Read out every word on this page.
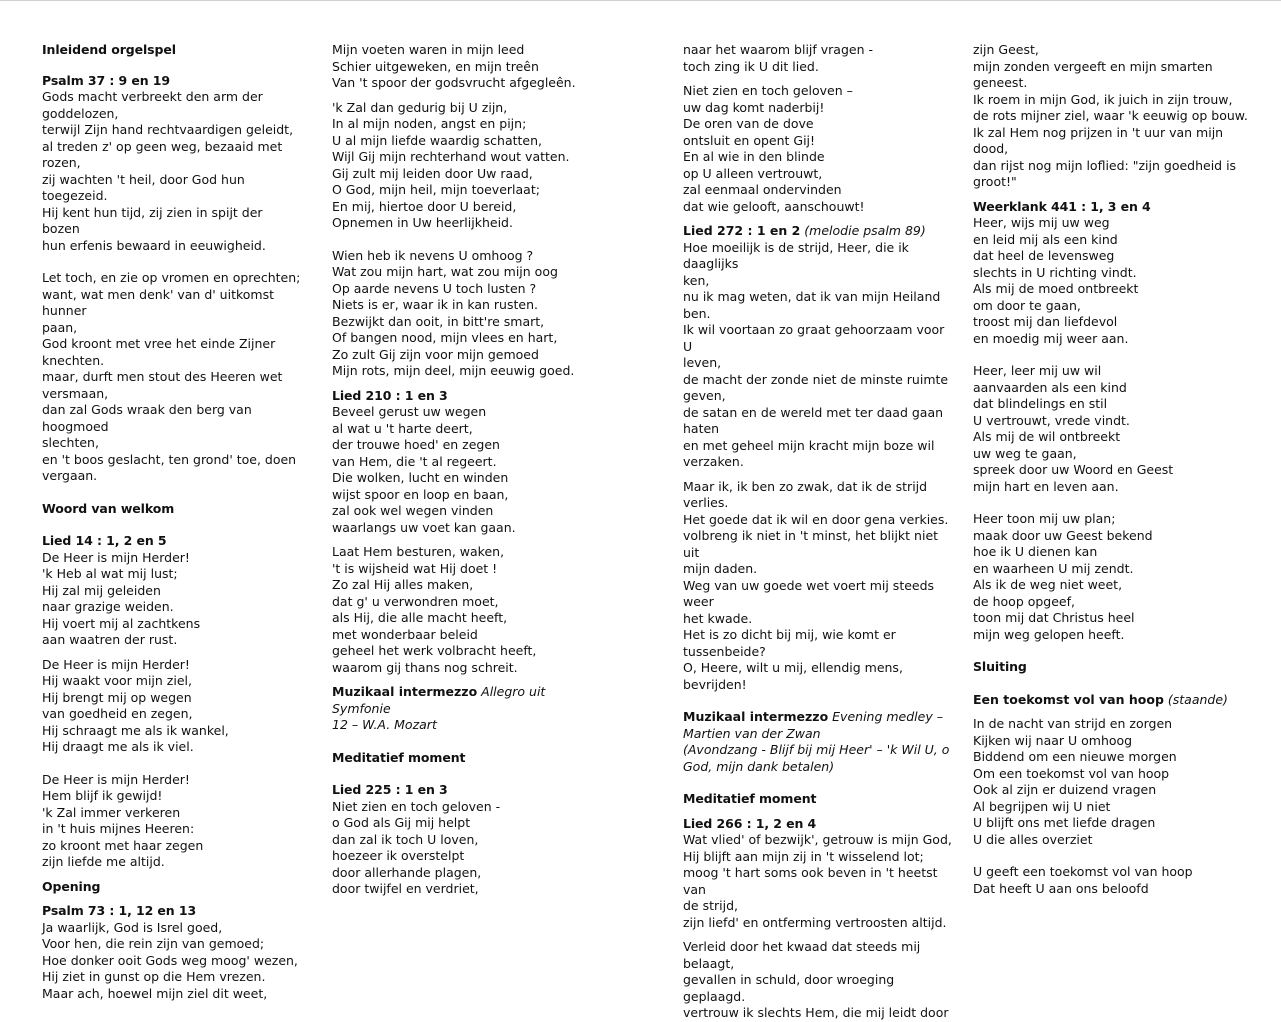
Inleidend orgelspel
Psalm 37 : 9 en 19

Gods macht verbreekt den arm der
goddelozen,
terwijl Zijn hand rechtvaardigen geleidt,
al treden z' op geen weg, bezaaid met rozen,
zij wachten 't heil, door God hun toegezeid.
Hij kent hun tijd, zij zien in spijt der bozen
hun erfenis bewaard in eeuwigheid.

Let toch, en zie op vromen en oprechten;
want, wat men denk' van d' uitkomst hunner
paan,
God kroont met vree het einde Zijner knechten.
maar, durft men stout des Heeren wet versmaan,
dan zal Gods wraak den berg van hoogmoed
slechten,
en 't boos geslacht, ten grond' toe, doen vergaan.

Woord van welkom
Lied 14 : 1, 2 en 5

De Heer is mijn Herder!
'k Heb al wat mij lust;
Hij zal mij geleiden
naar grazige weiden.
Hij voert mij al zachtkens
aan waatren der rust.

De Heer is mijn Herder!
Hij waakt voor mijn ziel,
Hij brengt mij op wegen
van goedheid en zegen,
Hij schraagt me als ik wankel,
Hij draagt me als ik viel.

De Heer is mijn Herder!
Hem blijf ik gewijd!
'k Zal immer verkeren
in 't huis mijnes Heeren:
zo kroont met haar zegen
zijn liefde me altijd.

Opening
Psalm 73 : 1, 12 en 13

Ja waarlijk, God is Isrel goed,
Voor hen, die rein zijn van gemoed;
Hoe donker ooit Gods weg moog' wezen,
Hij ziet in gunst op die Hem vrezen.
Maar ach, hoewel mijn ziel dit weet,

Mijn voeten waren in mijn leed
Schier uitgeweken, en mijn treên
Van 't spoor der godsvrucht afgegleên.

'k Zal dan gedurig bij U zijn,
In al mijn noden, angst en pijn;
U al mijn liefde waardig schatten,
Wijl Gij mijn rechterhand wout vatten.
Gij zult mij leiden door Uw raad,
O God, mijn heil, mijn toeverlaat;
En mij, hiertoe door U bereid,
Opnemen in Uw heerlijkheid.

Wien heb ik nevens U omhoog ?
Wat zou mijn hart, wat zou mijn oog
Op aarde nevens U toch lusten ?
Niets is er, waar ik in kan rusten.
Bezwijkt dan ooit, in bitt're smart,
Of bangen nood, mijn vlees en hart,
Zo zult Gij zijn voor mijn gemoed
Mijn rots, mijn deel, mijn eeuwig goed.

Lied 210 : 1 en 3

Beveel gerust uw wegen
al wat u 't harte deert,
der trouwe hoed' en zegen
van Hem, die 't al regeert.
Die wolken, lucht en winden
wijst spoor en loop en baan,
zal ook wel wegen vinden
waarlangs uw voet kan gaan.

Laat Hem besturen, waken,
't is wijsheid wat Hij doet !
Zo zal Hij alles maken,
dat g' u verwondren moet,
als Hij, die alle macht heeft,
met wonderbaar beleid
geheel het werk volbracht heeft,
waarom gij thans nog schreit.

Muzikaal intermezzo Allegro uit Symfonie
12 – W.A. Mozart
Meditatief moment
Lied 225 : 1 en 3

Niet zien en toch geloven -
o God als Gij mij helpt
dan zal ik toch U loven,
hoezeer ik overstelpt
door allerhande plagen,
door twijfel en verdriet,

naar het waarom blijf vragen -
toch zing ik U dit lied.

Niet zien en toch geloven –
uw dag komt naderbij!
De oren van de dove
ontsluit en opent Gij!
En al wie in den blinde
op U alleen vertrouwt,
zal eenmaal ondervinden
dat wie gelooft, aanschouwt!

Lied 272 : 1 en 2 (melodie psalm 89)

Hoe moeilijk is de strijd, Heer, die ik daaglijks
ken,
nu ik mag weten, dat ik van mijn Heiland ben.
Ik wil voortaan zo graat gehoorzaam voor U
leven,
de macht der zonde niet de minste ruimte
geven,
de satan en de wereld met ter daad gaan
haten
en met geheel mijn kracht mijn boze wil
verzaken.

Maar ik, ik ben zo zwak, dat ik de strijd
verlies.
Het goede dat ik wil en door gena verkies.
volbreng ik niet in 't minst, het blijkt niet uit
mijn daden.
Weg van uw goede wet voert mij steeds weer
het kwade.
Het is zo dicht bij mij, wie komt er
tussenbeide?
O, Heere, wilt u mij, ellendig mens, bevrijden!

Muzikaal intermezzo Evening medley –
Martien van der Zwan
(Avondzang - Blijf bij mij Heer' – 'k Wil U, o
God, mijn dank betalen)
Meditatief moment
Lied 266 : 1, 2 en 4

Wat vlied' of bezwijk', getrouw is mijn God,
Hij blijft aan mijn zij in 't wisselend lot;
moog 't hart soms ook beven in 't heetst van
de strijd,
zijn liefd' en ontferming vertroosten altijd.

Verleid door het kwaad dat steeds mij belaagt,
gevallen in schuld, door wroeging geplaagd.
vertrouw ik slechts Hem, die mij leidt door

zijn Geest,
mijn zonden vergeeft en mijn smarten
geneest.
Ik roem in mijn God, ik juich in zijn trouw,
de rots mijner ziel, waar 'k eeuwig op bouw.
Ik zal Hem nog prijzen in 't uur van mijn dood,
dan rijst nog mijn loflied: "zijn goedheid is
groot!"

Weerklank 441 : 1, 3 en 4

Heer, wijs mij uw weg
en leid mij als een kind
dat heel de levensweg
slechts in U richting vindt.
Als mij de moed ontbreekt
om door te gaan,
troost mij dan liefdevol
en moedig mij weer aan.

Heer, leer mij uw wil
aanvaarden als een kind
dat blindelings en stil
U vertrouwt, vrede vindt.
Als mij de wil ontbreekt
uw weg te gaan,
spreek door uw Woord en Geest
mijn hart en leven aan.

Heer toon mij uw plan;
maak door uw Geest bekend
hoe ik U dienen kan
en waarheen U mij zendt.
Als ik de weg niet weet,
de hoop opgeef,
toon mij dat Christus heel
mijn weg gelopen heeft.

Sluiting
Een toekomst vol van hoop (staande)

In de nacht van strijd en zorgen
Kijken wij naar U omhoog
Biddend om een nieuwe morgen
Om een toekomst vol van hoop
Ook al zijn er duizend vragen
Al begrijpen wij U niet
U blijft ons met liefde dragen
U die alles overziet

U geeft een toekomst vol van hoop
Dat heeft U aan ons beloofd
